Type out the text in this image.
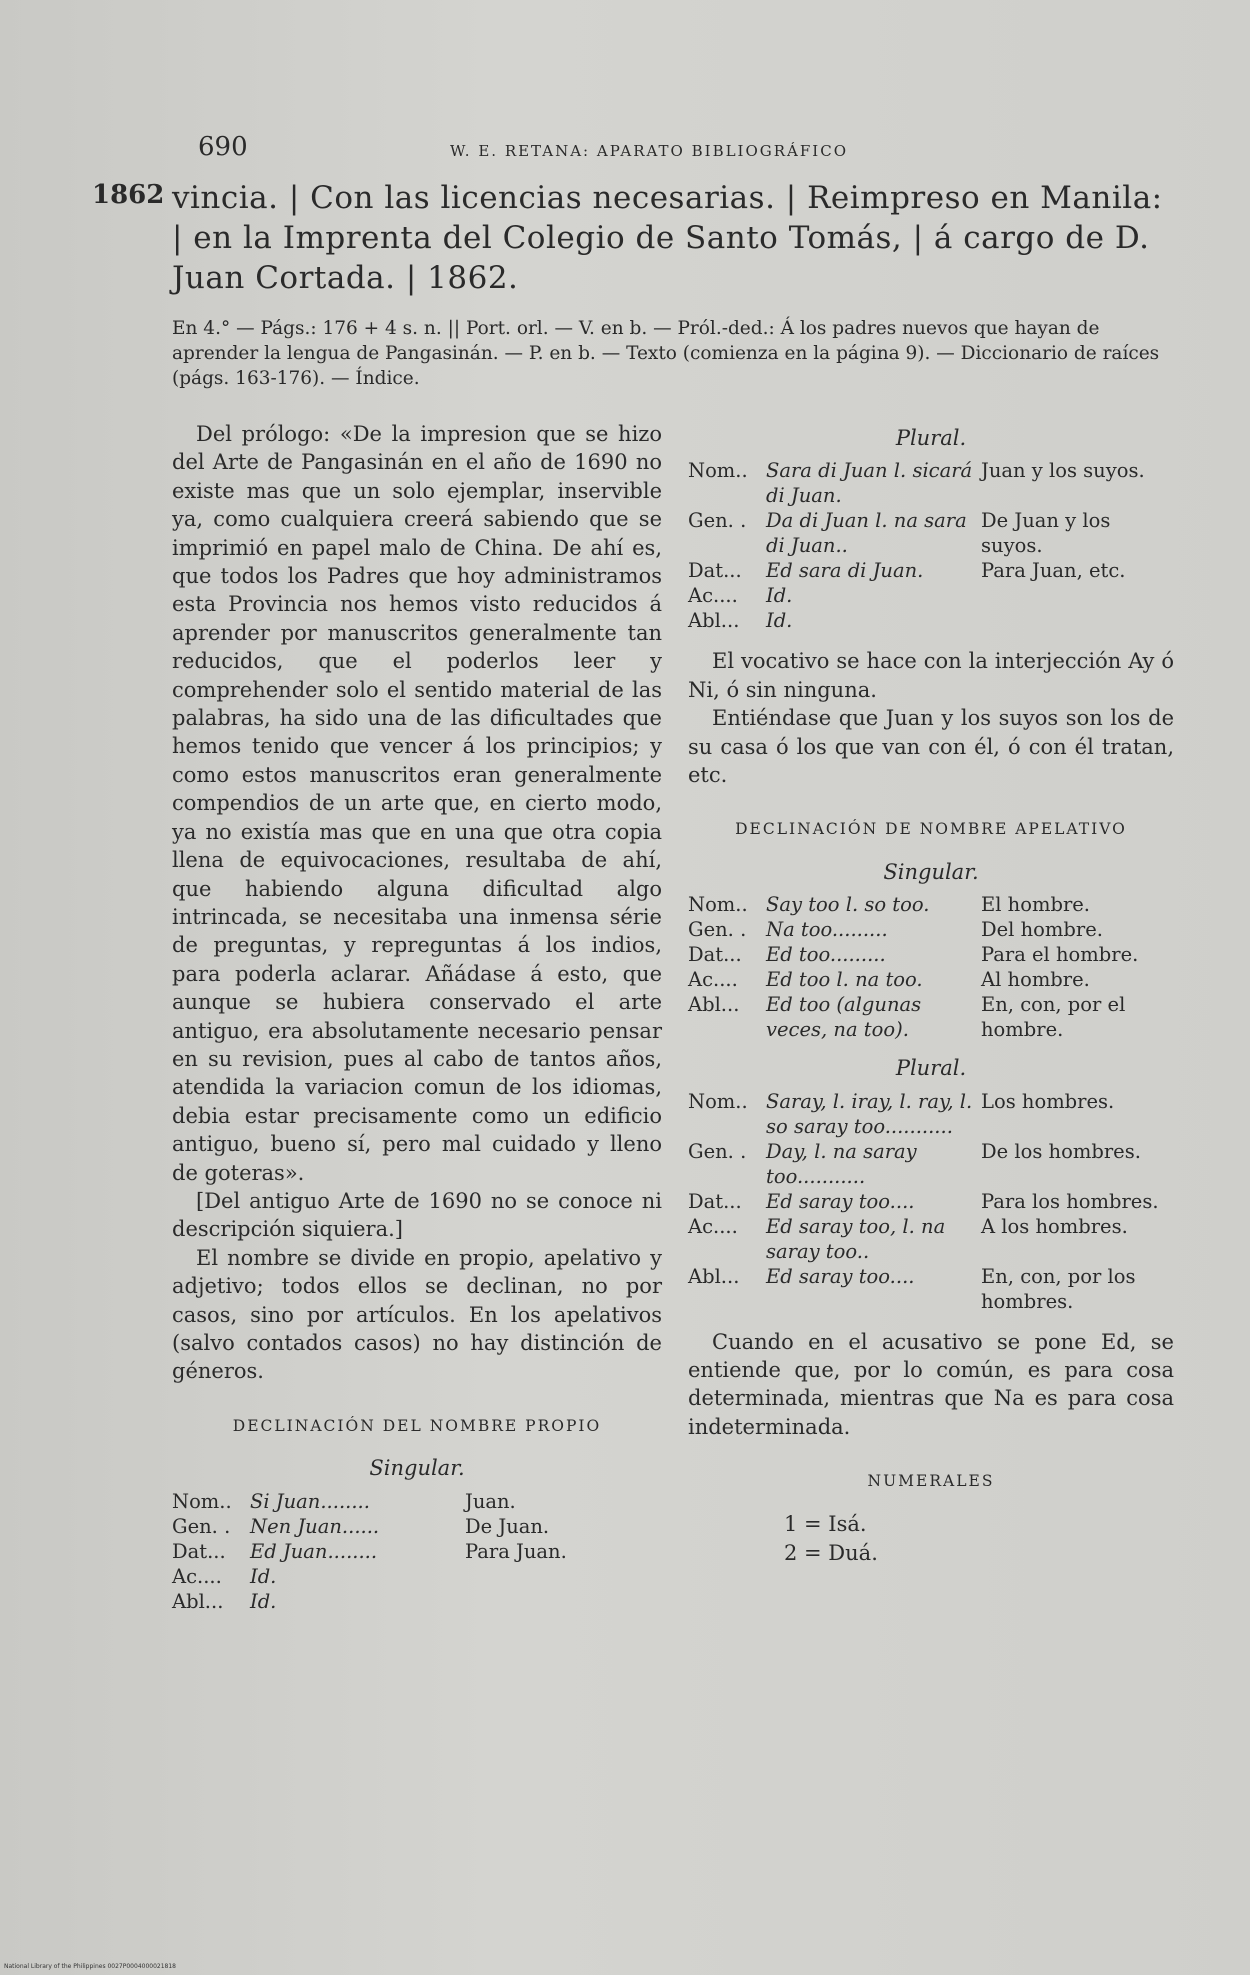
690	W. E. RETANA: APARATO BIBLIOGRÁFICO
1862 vincia. | Con las licencias necesarias. | Reimpreso en Manila: | en la Imprenta del Colegio de Santo Tomás, | á cargo de D. Juan Cortada. | 1862.
En 4.° — Págs.: 176 + 4 s. n. || Port. orl. — V. en b. — Pról.-ded.: Á los padres nuevos que hayan de aprender la lengua de Pangasinán. — P. en b. — Texto (comienza en la página 9). — Diccionario de raíces (págs. 163-176). — Índice.

Del prólogo: «De la impresion que se hizo del Arte de Pangasinán en el año de 1690 no existe mas que un solo ejemplar, inservible ya, como cualquiera creerá sabiendo que se imprimió en papel malo de China. De ahí es, que todos los Padres que hoy administramos esta Provincia nos hemos visto reducidos á aprender por manuscritos generalmente tan reducidos, que el poderlos leer y comprehender solo el sentido material de las palabras, ha sido una de las dificultades que hemos tenido que vencer á los principios; y como estos manuscritos eran generalmente compendios de un arte que, en cierto modo, ya no existía mas que en una que otra copia llena de equivocaciones, resultaba de ahí, que habiendo alguna dificultad algo intrincada, se necesitaba una inmensa série de preguntas, y repreguntas á los indios, para poderla aclarar. Añádase á esto, que aunque se hubiera conservado el arte antiguo, era absolutamente necesario pensar en su revision, pues al cabo de tantos años, atendida la variacion comun de los idiomas, debia estar precisamente como un edificio antiguo, bueno sí, pero mal cuidado y lleno de goteras».

[Del antiguo Arte de 1690 no se conoce ni descripción siquiera.]

El nombre se divide en propio, apelativo y adjetivo; todos ellos se declinan, no por casos, sino por artículos. En los apelativos (salvo contados casos) no hay distinción de géneros.

DECLINACIÓN DEL NOMBRE PROPIO
Singular.
Nom..	Si Juan........	Juan.
Gen. .	Nen Juan......	De Juan.
Dat...	Ed Juan........	Para Juan.
Ac....	Id.	
Abl...	Id.	
Plural.
Nom..	Sara di Juan l. sicará di Juan.	Juan y los suyos.
Gen. .	Da di Juan l. na sara di Juan..	De Juan y los suyos.
Dat...	Ed sara di Juan.	Para Juan, etc.
Ac....	Id.	
Abl...	Id.	

El vocativo se hace con la interjección Ay ó Ni, ó sin ninguna.

Entiéndase que Juan y los suyos son los de su casa ó los que van con él, ó con él tratan, etc.

DECLINACIÓN DE NOMBRE APELATIVO
Singular.
Nom..	Say too l. so too.	El hombre.
Gen. .	Na too.........	Del hombre.
Dat...	Ed too.........	Para el hombre.
Ac....	Ed too l. na too.	Al hombre.
Abl...	Ed too (algunas veces, na too).	En, con, por el hombre.
Plural.
Nom..	Saray, l. iray, l. ray, l. so saray too...........	Los hombres.
Gen. .	Day, l. na saray too...........	De los hombres.
Dat...	Ed saray too....	Para los hombres.
Ac....	Ed saray too, l. na saray too..	A los hombres.
Abl...	Ed saray too....	En, con, por los hombres.

Cuando en el acusativo se pone Ed, se entiende que, por lo común, es para cosa determinada, mientras que Na es para cosa indeterminada.

NUMERALES
1 = Isá.
2 = Duá.
National Library of the Philippines 0027P0004000021818
